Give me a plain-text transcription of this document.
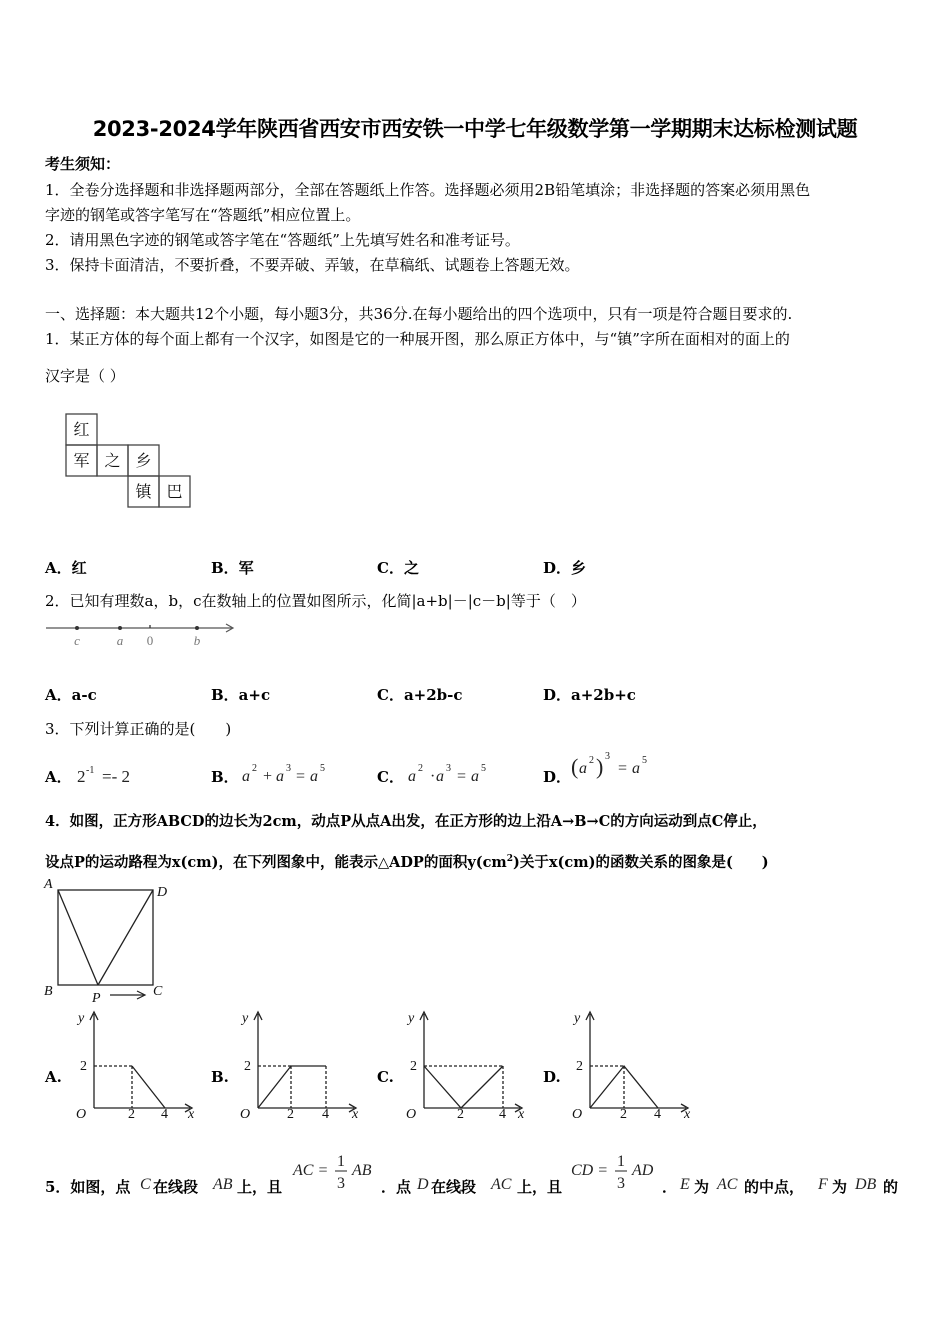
2023-2024学年陕西省西安市西安铁一中学七年级数学第一学期期末达标检测试题
考生须知：
1．全卷分选择题和非选择题两部分，全部在答题纸上作答。选择题必须用2B铅笔填涂；非选择题的答案必须用黑色
字迹的钢笔或答字笔写在“答题纸”相应位置上。
2．请用黑色字迹的钢笔或答字笔在“答题纸”上先填写姓名和准考证号。
3．保持卡面清洁，不要折叠，不要弄破、弄皱，在草稿纸、试题卷上答题无效。
一、选择题：本大题共12个小题，每小题3分，共36分.在每小题给出的四个选项中，只有一项是符合题目要求的.
1．某正方体的每个面上都有一个汉字，如图是它的一种展开图，那么原正方体中，与“镇”字所在面相对的面上的
汉字是（ ）
红
军 之 乡
镇 巴
A．红	B．军	C．之	D．乡
2．已知有理数a，b，c在数轴上的位置如图所示，化简|a+b|－|c－b|等于（　）
c	a 0	b
A．a-c	B．a+c	C．a+2b-c	D．a+2b+c
3．下列计算正确的是(　　)
A． 2 -1 =- 2	B． a 2 + a 3 = a 5	C． a 2 · a 3 = a 5	D． ( a 2 ) 3
= a 5
4．如图，正方形ABCD的边长为2cm，动点P从点A出发，在正方形的边上沿A→B→C的方向运动到点C停止，
设点P的运动路程为x(cm)，在下列图象中，能表示△ADP的面积$y(cm^2)$关于x(cm)的函数关系的图象是(　　)
A
D
B	C
P
A.	B.	C.	D.
y
x
O
2
2 4
y
x
O
2
2 4
y
x
O
2
2	4
y
x
O
2
2 4
5．如图，点 C 在线段 AB 上，且
AC =
1
3
AB
．点 D 在线段 AC 上，且
CD =
1
3
AD
． E 为 AC 的中点， F 为 DB 的
